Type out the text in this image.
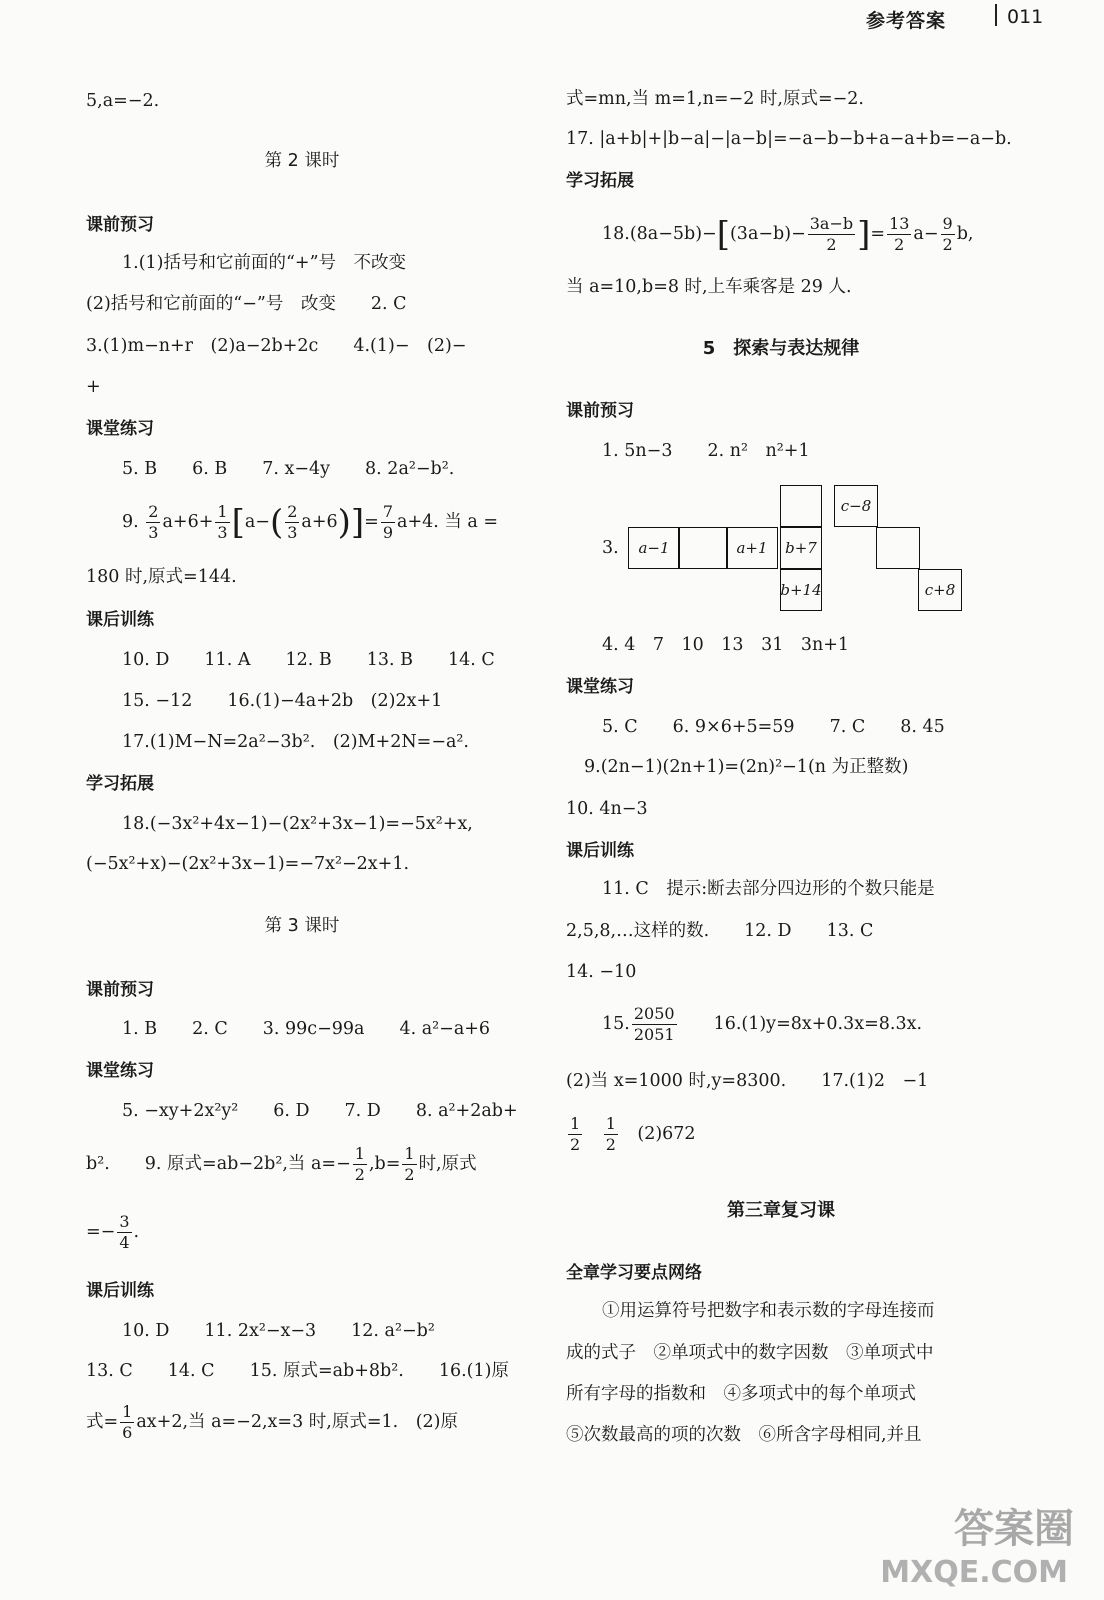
参考答案	011
5,a=−2.
第 2 课时
课前预习
1.(1)括号和它前面的“+”号　不改变
(2)括号和它前面的“−”号　改变　　2. C
3.(1)m−n+r　(2)a−2b+2c　　4.(1)−　(2)−
+
课堂练习
5. B　　6. B　　7. x−4y　　8. 2a²−b².
9. $\frac{2}{3} a+6+ \frac{1}{3} [a-( \frac{2}{3} a+6)]= \frac{7}{9} a+4$. 当 a =
180 时,原式=144.
课后训练
10. D　　11. A　　12. B　　13. B　　14. C
15. −12　　16.(1)−4a+2b　(2)2x+1
17.(1)M−N=2a²−3b².　(2)M+2N=−a².
学习拓展
18.(−3x²+4x−1)−(2x²+3x−1)=−5x²+x,
(−5x²+x)−(2x²+3x−1)=−7x²−2x+1.
第 3 课时
课前预习
1. B　　2. C　　3. 99c−99a　　4. a²−a+6
课堂练习
5. −xy+2x²y²　　6. D　　7. D　　8. a²+2ab+
b².　　9. 原式=ab−2b²,当 $a=- \frac{1}{2} ,b= \frac{1}{2}$ 时,原式
=− $\frac{3}{4}$ .
课后训练
10. D　　11. 2x²−x−3　　12. a²−b²
13. C　　14. C　　15. 原式=ab+8b².　　16.(1)原
式= $\frac{1}{6} ax+2$,当 a=−2,x=3 时,原式=1.　(2)原
式=mn,当 m=1,n=−2 时,原式=−2.
17. |a+b|+|b−a|−|a−b|=−a−b−b+a−a+b=−a−b.
学习拓展
$18.(8a-5b)-[(3a-b)- \frac{3a-b}{2}$ ]= $\frac{13}{2} a- \frac{9}{2} b$,
当 a=10,b=8 时,上车乘客是 29 人.
5　探索与表达规律
课前预习
1. 5n−3　　2. n²　n²+1
3.	a−1	a+1	b+7
b+14
c−8
c+8
4. 4　7　10　13　31　3n+1
课堂练习
5. C　　6. 9×6+5=59　　7. C　　8. 45
9.(2n−1)(2n+1)=(2n)²−1(n 为正整数)
10. 4n−3
课后训练
11. C　提示:断去部分四边形的个数只能是
2,5,8,…这样的数.　　12. D　　13. C
14. −10
15. $\frac{2050}{2051}$
　　 16.(1)y=8x+0.3x=8.3x.
(2)当 x=1000 时,y=8300.　　17.(1)2　−1
$\frac{1}{2}$
　 $\frac{1}{2}$
　 (2)672
第三章复习课
全章学习要点网络
①用运算符号把数字和表示数的字母连接而
成的式子　②单项式中的数字因数　③单项式中
所有字母的指数和　④多项式中的每个单项式
⑤次数最高的项的次数　⑥所含字母相同,并且
答案圈
MXQE.COM
